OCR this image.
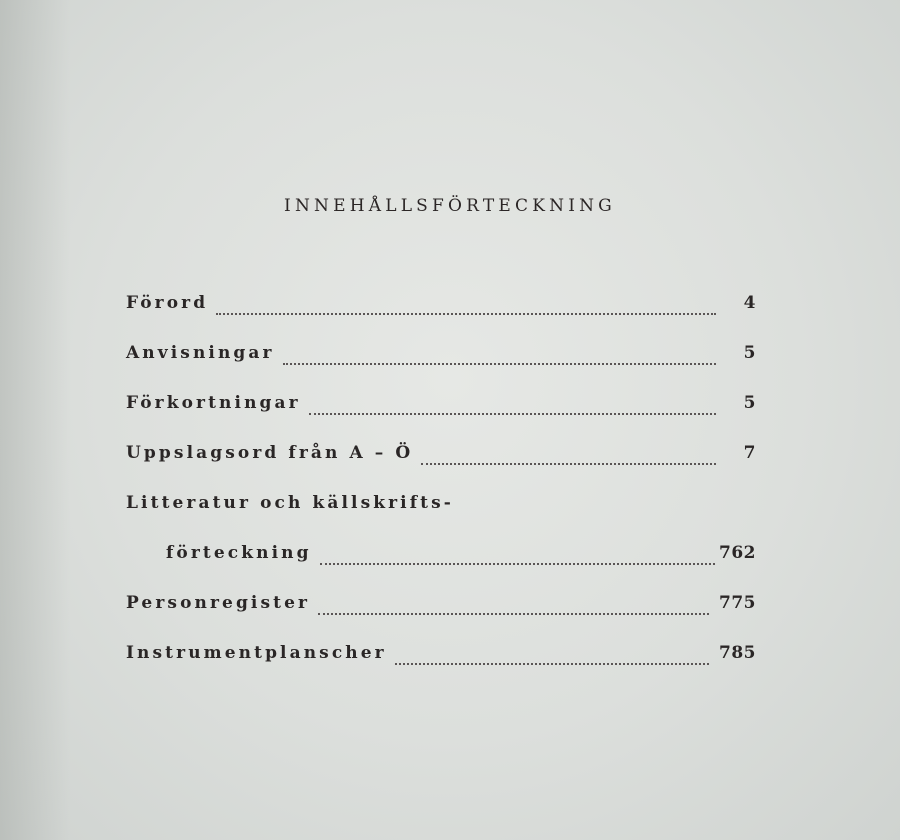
INNEHÅLLSFÖRTECKNING
Förord	4
Anvisningar	5
Förkortningar	5
Uppslagsord från A – Ö	7
Litteratur och källskrifts-
förteckning	762
Personregister	775
Instrumentplanscher	785
